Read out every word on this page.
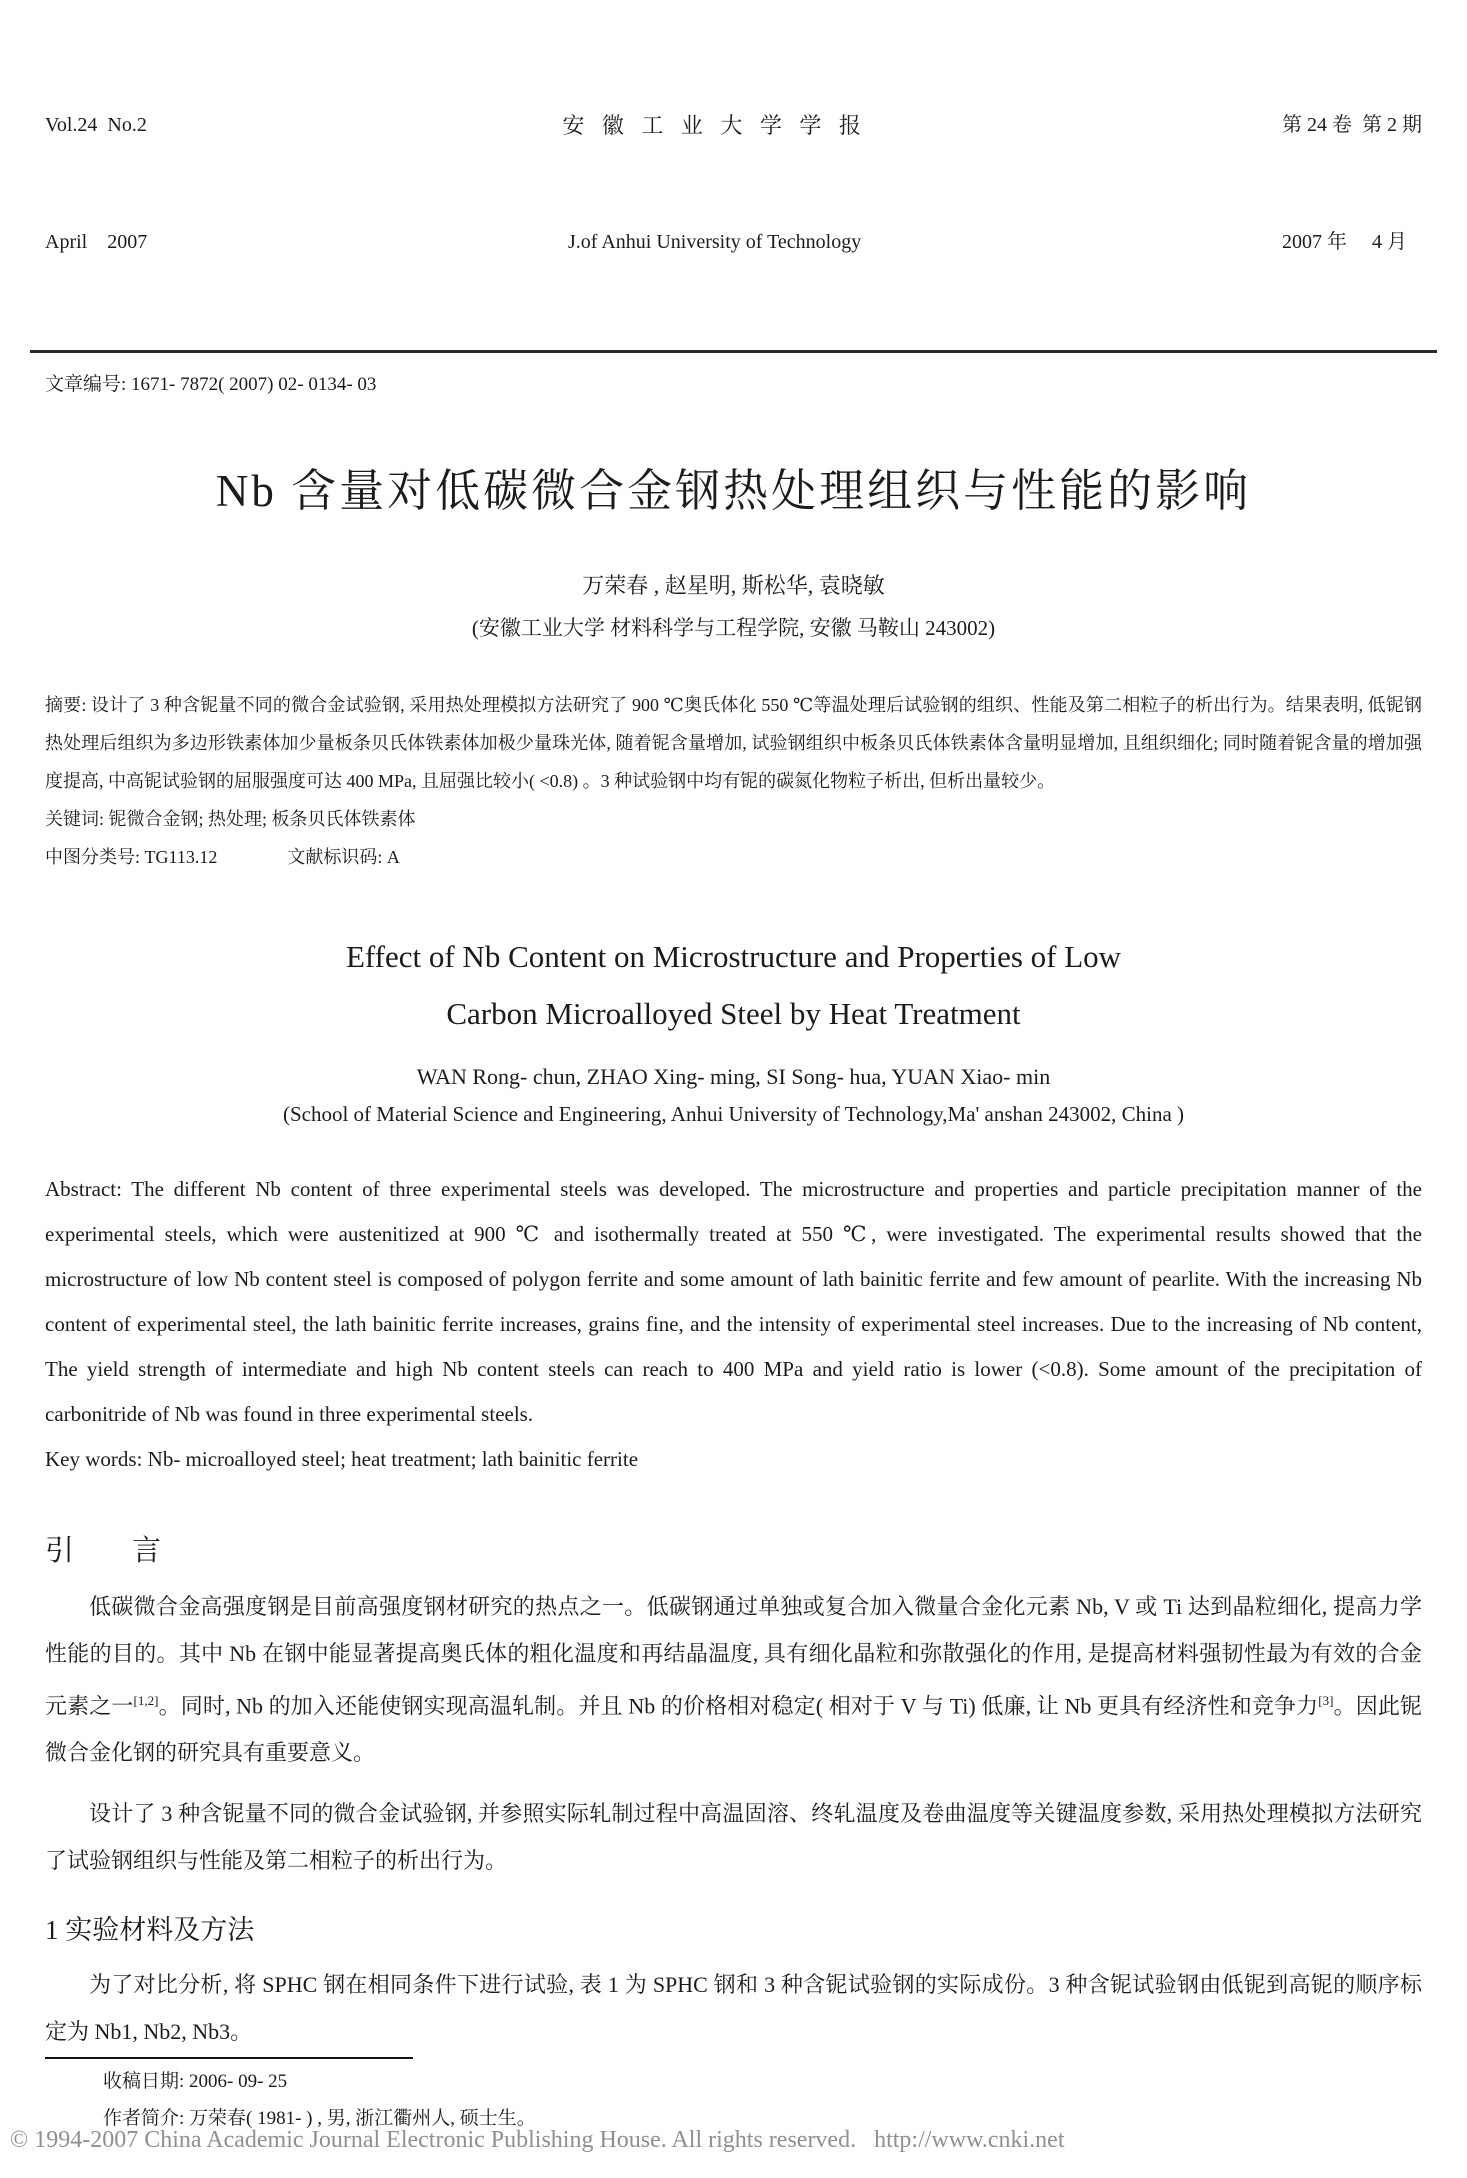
Vol.24  No.2

April    2007

安 徽 工 业 大 学 学 报

J.of Anhui University of Technology

第 24 卷  第 2 期

2007 年     4 月

文章编号: 1671- 7872( 2007) 02- 0134- 03
Nb 含量对低碳微合金钢热处理组织与性能的影响
万荣春 , 赵星明, 斯松华, 袁晓敏
(安徽工业大学 材料科学与工程学院, 安徽 马鞍山 243002)
摘要: 设计了 3 种含铌量不同的微合金试验钢, 采用热处理模拟方法研究了 900 ℃奥氏体化 550 ℃等温处理后试验钢的组织、性能及第二相粒子的析出行为。结果表明, 低铌钢热处理后组织为多边形铁素体加少量板条贝氏体铁素体加极少量珠光体, 随着铌含量增加, 试验钢组织中板条贝氏体铁素体含量明显增加, 且组织细化; 同时随着铌含量的增加强度提高, 中高铌试验钢的屈服强度可达 400 MPa, 且屈强比较小( <0.8) 。3 种试验钢中均有铌的碳氮化物粒子析出, 但析出量较少。
关键词: 铌微合金钢; 热处理; 板条贝氏体铁素体
中图分类号: TG113.12	文献标识码: A
Effect of Nb Content on Microstructure and Properties of Low
Carbon Microalloyed Steel by Heat Treatment
WAN Rong- chun, ZHAO Xing- ming, SI Song- hua, YUAN Xiao- min
(School of Material Science and Engineering, Anhui University of Technology,Ma' anshan 243002, China )
Abstract: The different Nb content of three experimental steels was developed. The microstructure and properties and particle precipitation manner of the experimental steels, which were austenitized at 900 ℃ and isothermally treated at 550 ℃, were investigated. The experimental results showed that the microstructure of low Nb content steel is composed of polygon ferrite and some amount of lath bainitic ferrite and few amount of pearlite. With the increasing Nb content of experimental steel, the lath bainitic ferrite increases, grains fine, and the intensity of experimental steel increases. Due to the increasing of Nb content, The yield strength of intermediate and high Nb content steels can reach to 400 MPa and yield ratio is lower (<0.8). Some amount of the precipitation of carbonitride of Nb was found in three experimental steels.
Key words: Nb- microalloyed steel; heat treatment; lath bainitic ferrite
引　　言

低碳微合金高强度钢是目前高强度钢材研究的热点之一。低碳钢通过单独或复合加入微量合金化元素 Nb, V 或 Ti 达到晶粒细化, 提高力学性能的目的。其中 Nb 在钢中能显著提高奥氏体的粗化温度和再结晶温度, 具有细化晶粒和弥散强化的作用, 是提高材料强韧性最为有效的合金元素之一[1,2]。同时, Nb 的加入还能使钢实现高温轧制。并且 Nb 的价格相对稳定( 相对于 V 与 Ti) 低廉, 让 Nb 更具有经济性和竞争力[3]。因此铌微合金化钢的研究具有重要意义。

设计了 3 种含铌量不同的微合金试验钢, 并参照实际轧制过程中高温固溶、终轧温度及卷曲温度等关键温度参数, 采用热处理模拟方法研究了试验钢组织与性能及第二相粒子的析出行为。

1 实验材料及方法

为了对比分析, 将 SPHC 钢在相同条件下进行试验, 表 1 为 SPHC 钢和 3 种含铌试验钢的实际成份。3 种含铌试验钢由低铌到高铌的顺序标定为 Nb1, Nb2, Nb3。

收稿日期: 2006- 09- 25
作者简介: 万荣春( 1981- ) , 男, 浙江衢州人, 硕士生。
© 1994-2007 China Academic Journal Electronic Publishing House. All rights reserved.   http://www.cnki.net
